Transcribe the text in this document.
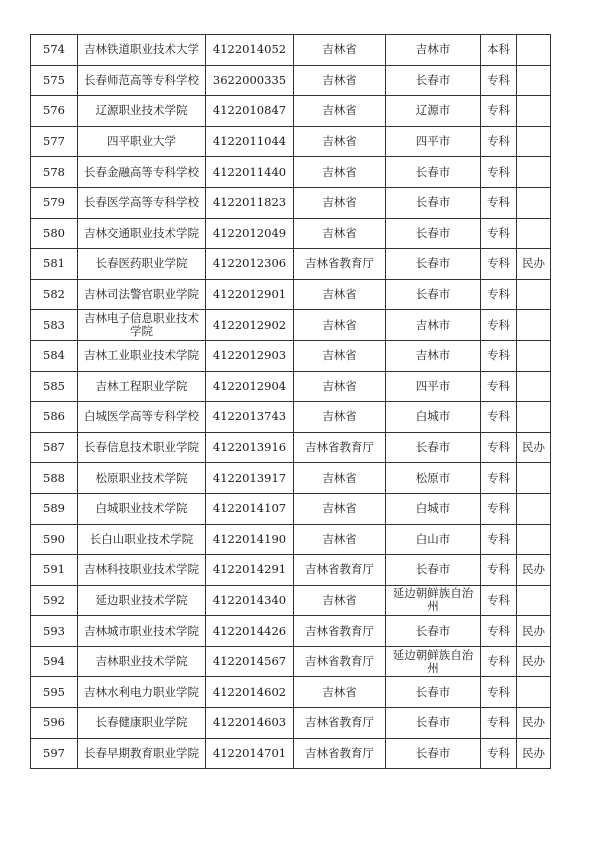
574	吉林铁道职业技术大学	4122014052	吉林省	吉林市	本科	
575	长春师范高等专科学校	3622000335	吉林省	长春市	专科	
576	辽源职业技术学院	4122010847	吉林省	辽源市	专科	
577	四平职业大学	4122011044	吉林省	四平市	专科	
578	长春金融高等专科学校	4122011440	吉林省	长春市	专科	
579	长春医学高等专科学校	4122011823	吉林省	长春市	专科	
580	吉林交通职业技术学院	4122012049	吉林省	长春市	专科	
581	长春医药职业学院	4122012306	吉林省教育厅	长春市	专科	民办
582	吉林司法警官职业学院	4122012901	吉林省	长春市	专科	
583	吉林电子信息职业技术学院	4122012902	吉林省	吉林市	专科	
584	吉林工业职业技术学院	4122012903	吉林省	吉林市	专科	
585	吉林工程职业学院	4122012904	吉林省	四平市	专科	
586	白城医学高等专科学校	4122013743	吉林省	白城市	专科	
587	长春信息技术职业学院	4122013916	吉林省教育厅	长春市	专科	民办
588	松原职业技术学院	4122013917	吉林省	松原市	专科	
589	白城职业技术学院	4122014107	吉林省	白城市	专科	
590	长白山职业技术学院	4122014190	吉林省	白山市	专科	
591	吉林科技职业技术学院	4122014291	吉林省教育厅	长春市	专科	民办
592	延边职业技术学院	4122014340	吉林省	延边朝鲜族自治州	专科	
593	吉林城市职业技术学院	4122014426	吉林省教育厅	长春市	专科	民办
594	吉林职业技术学院	4122014567	吉林省教育厅	延边朝鲜族自治州	专科	民办
595	吉林水利电力职业学院	4122014602	吉林省	长春市	专科	
596	长春健康职业学院	4122014603	吉林省教育厅	长春市	专科	民办
597	长春早期教育职业学院	4122014701	吉林省教育厅	长春市	专科	民办
